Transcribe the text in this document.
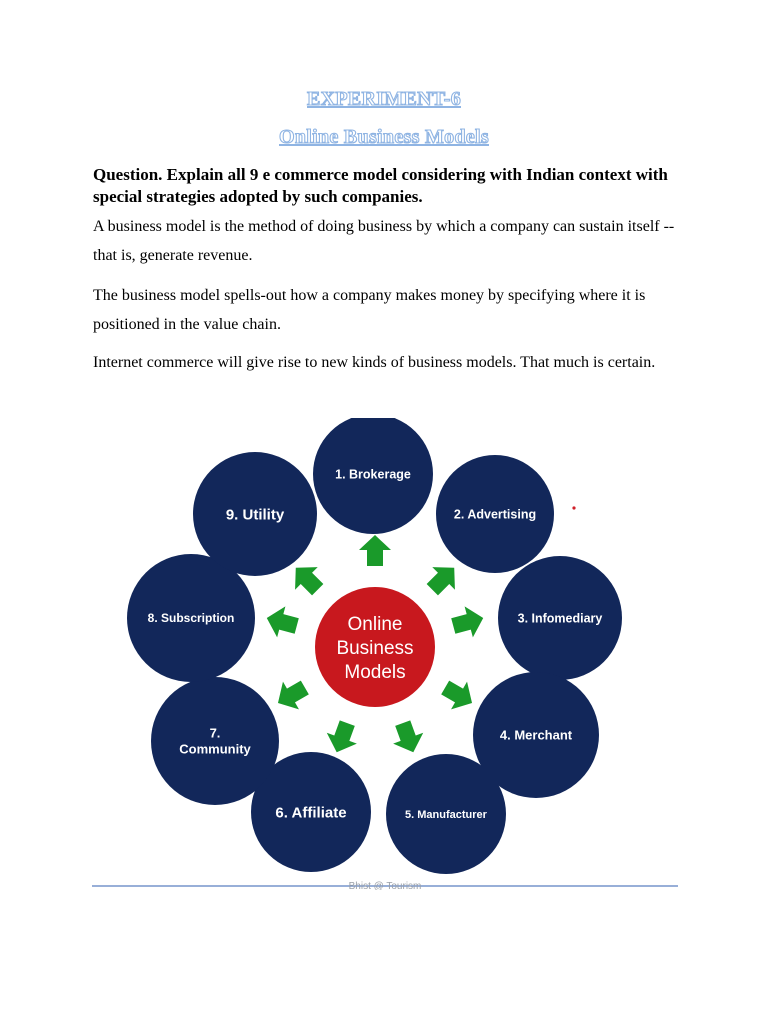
EXPERIMENT-6
Online Business Models
Question. Explain all 9 e commerce model considering with Indian context with special strategies adopted by such companies.
A business model is the method of doing business by which a company can sustain itself -- that is, generate revenue.
The business model spells-out how a company makes money by specifying where it is positioned in the value chain.
Internet commerce will give rise to new kinds of business models. That much is certain.
Bhist @ Tourism
1. Brokerage
2. Advertising
3. Infomediary
4. Merchant
5. Manufacturer
6. Affiliate
7.
Community
8. Subscription
9. Utility
Online
Business
Models
